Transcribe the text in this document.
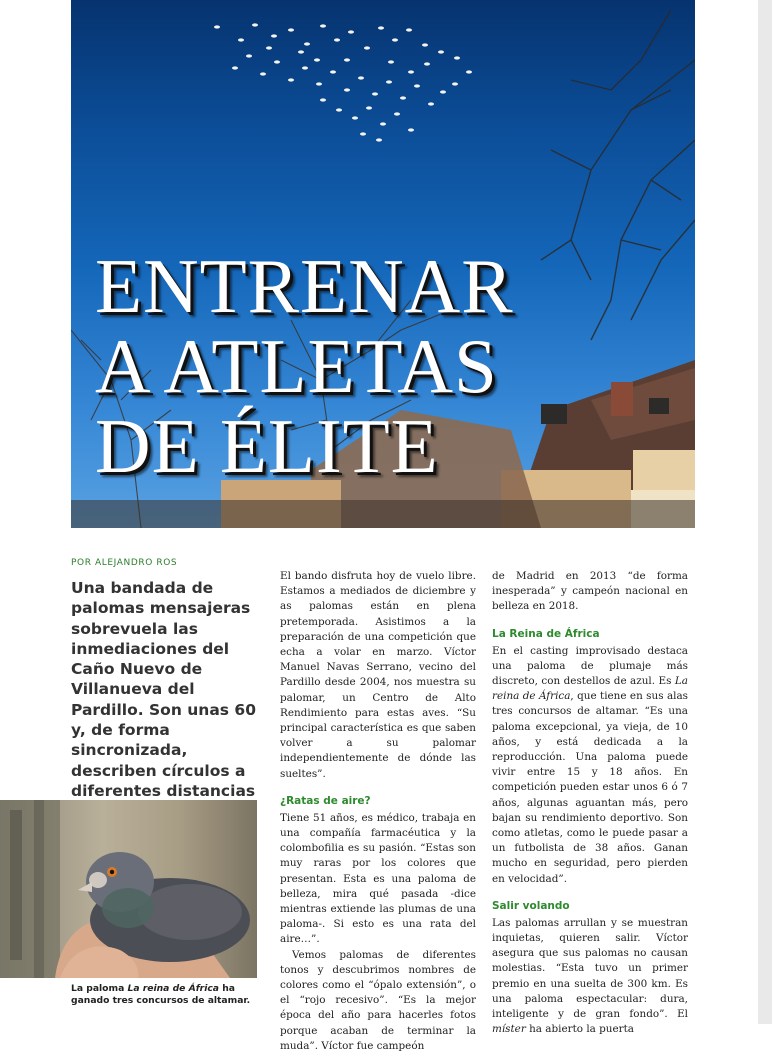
ENTRENAR
A ATLETAS
DE ÉLITE
POR ALEJANDRO ROS

Una bandada de palomas mensajeras sobrevuela las inmediaciones del Caño Nuevo de Villanueva del Pardillo. Son unas 60 y, de forma sincronizada, describen círculos a diferentes distancias

La paloma La reina de África ha ganado tres concursos de altamar.

El bando disfruta hoy de vuelo libre. Estamos a mediados de diciembre y as palomas están en plena pretemporada. Asistimos a la preparación de una competición que echa a volar en marzo. Víctor Manuel Navas Serrano, vecino del Pardillo desde 2004, nos muestra su palomar, un Centro de Alto Rendimiento para estas aves. “Su principal característica es que saben volver a su palomar independientemente de dónde las sueltes”.

¿Ratas de aire?

Tiene 51 años, es médico, trabaja en una compañía farmacéutica y la colombofilia es su pasión. “Estas son muy raras por los colores que presentan. Esta es una paloma de belleza, mira qué pasada -dice mientras extiende las plumas de una paloma-. Si esto es una rata del aire…”.

Vemos palomas de diferentes tonos y descubrimos nombres de colores como el “ópalo extensión”, o el “rojo recesivo”. “Es la mejor época del año para hacerles fotos porque acaban de terminar la muda”. Víctor fue campeón

de Madrid en 2013 “de forma inesperada” y campeón nacional en belleza en 2018.

La Reina de África

En el casting improvisado destaca una paloma de plumaje más discreto, con destellos de azul. Es La reina de África, que tiene en sus alas tres concursos de altamar. “Es una paloma excepcional, ya vieja, de 10 años, y está dedicada a la reproducción. Una paloma puede vivir entre 15 y 18 años. En competición pueden estar unos 6 ó 7 años, algunas aguantan más, pero bajan su rendimiento deportivo. Son como atletas, como le puede pasar a un futbolista de 38 años. Ganan mucho en seguridad, pero pierden en velocidad”.

Salir volando

Las palomas arrullan y se muestran inquietas, quieren salir. Víctor asegura que sus palomas no causan molestias. “Esta tuvo un primer premio en una suelta de 300 km. Es una paloma espectacular: dura, inteligente y de gran fondo”. El míster ha abierto la puerta
